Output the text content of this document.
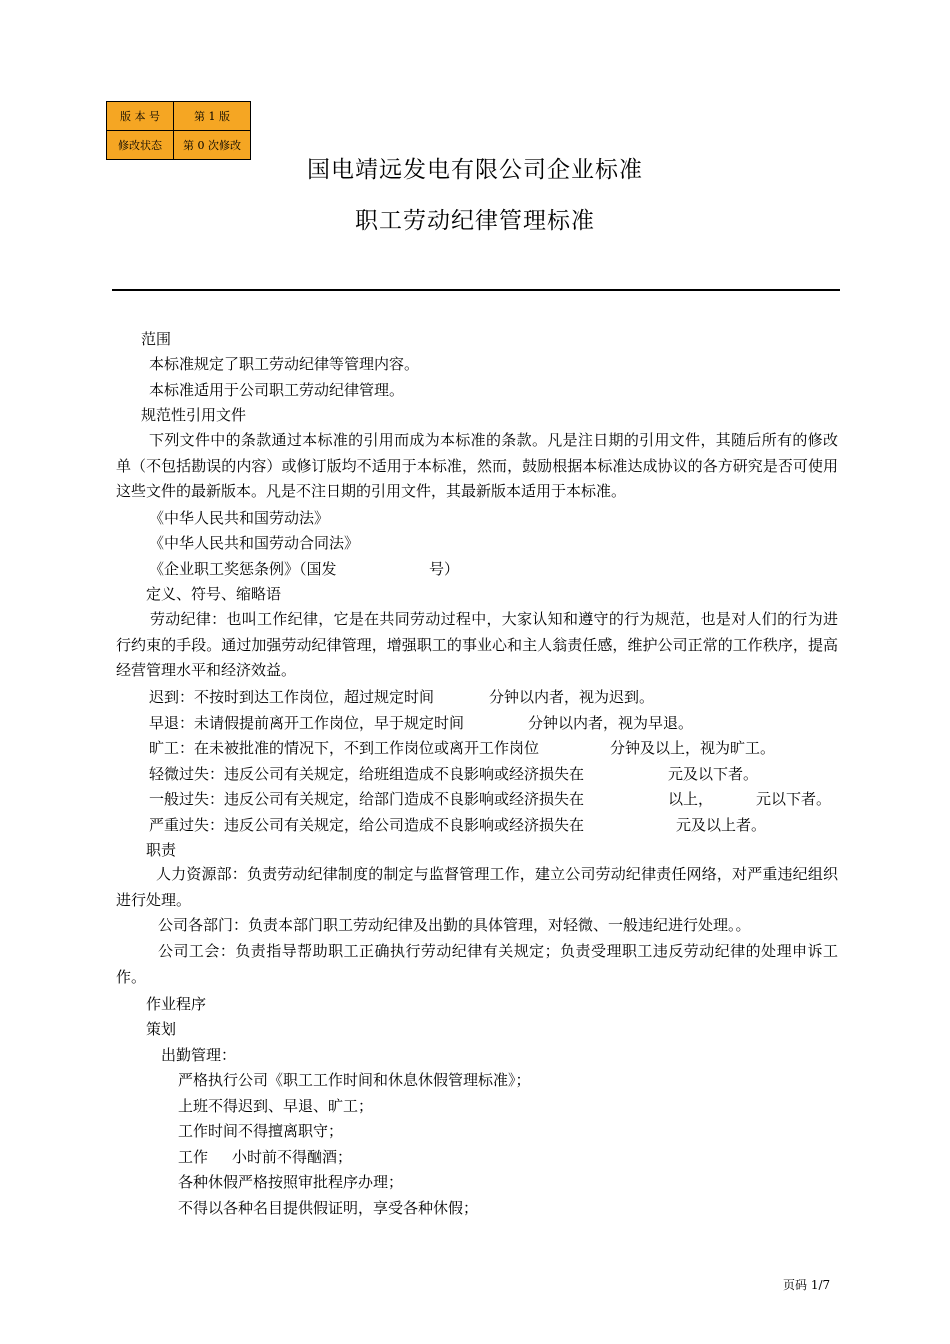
版 本 号	第 1 版
修改状态	第 0 次修改
国电靖远发电有限公司企业标准
职工劳动纪律管理标准
范围
本标准规定了职工劳动纪律等管理内容。
本标准适用于公司职工劳动纪律管理。
规范性引用文件
下列文件中的条款通过本标准的引用而成为本标准的条款。凡是注日期的引用文件，其随后所有的修改单（不包括勘误的内容）或修订版均不适用于本标准，然而，鼓励根据本标准达成协议的各方研究是否可使用这些文件的最新版本。凡是不注日期的引用文件，其最新版本适用于本标准。
《中华人民共和国劳动法》
《中华人民共和国劳动合同法》
《企业职工奖惩条例》（国发	号）
定义、符号、缩略语
劳动纪律：也叫工作纪律，它是在共同劳动过程中，大家认知和遵守的行为规范，也是对人们的行为进行约束的手段。通过加强劳动纪律管理，增强职工的事业心和主人翁责任感，维护公司正常的工作秩序，提高经营管理水平和经济效益。
迟到：不按时到达工作岗位，超过规定时间	分钟以内者，视为迟到。
早退：未请假提前离开工作岗位，早于规定时间	分钟以内者，视为早退。
旷工：在未被批准的情况下，不到工作岗位或离开工作岗位	分钟及以上，视为旷工。
轻微过失：违反公司有关规定，给班组造成不良影响或经济损失在	元及以下者。
一般过失：违反公司有关规定，给部门造成不良影响或经济损失在	以上，	元以下者。
严重过失：违反公司有关规定，给公司造成不良影响或经济损失在	元及以上者。
职责
人力资源部：负责劳动纪律制度的制定与监督管理工作，建立公司劳动纪律责任网络，对严重违纪组织进行处理。
公司各部门：负责本部门职工劳动纪律及出勤的具体管理，对轻微、一般违纪进行处理。。
公司工会：负责指导帮助职工正确执行劳动纪律有关规定；负责受理职工违反劳动纪律的处理申诉工作。
作业程序
策划
出勤管理：
严格执行公司《职工工作时间和休息休假管理标准》；
上班不得迟到、早退、旷工；
工作时间不得擅离职守；
工作 小时前不得酗酒；
各种休假严格按照审批程序办理；
不得以各种名目提供假证明，享受各种休假；
页码 1/7
